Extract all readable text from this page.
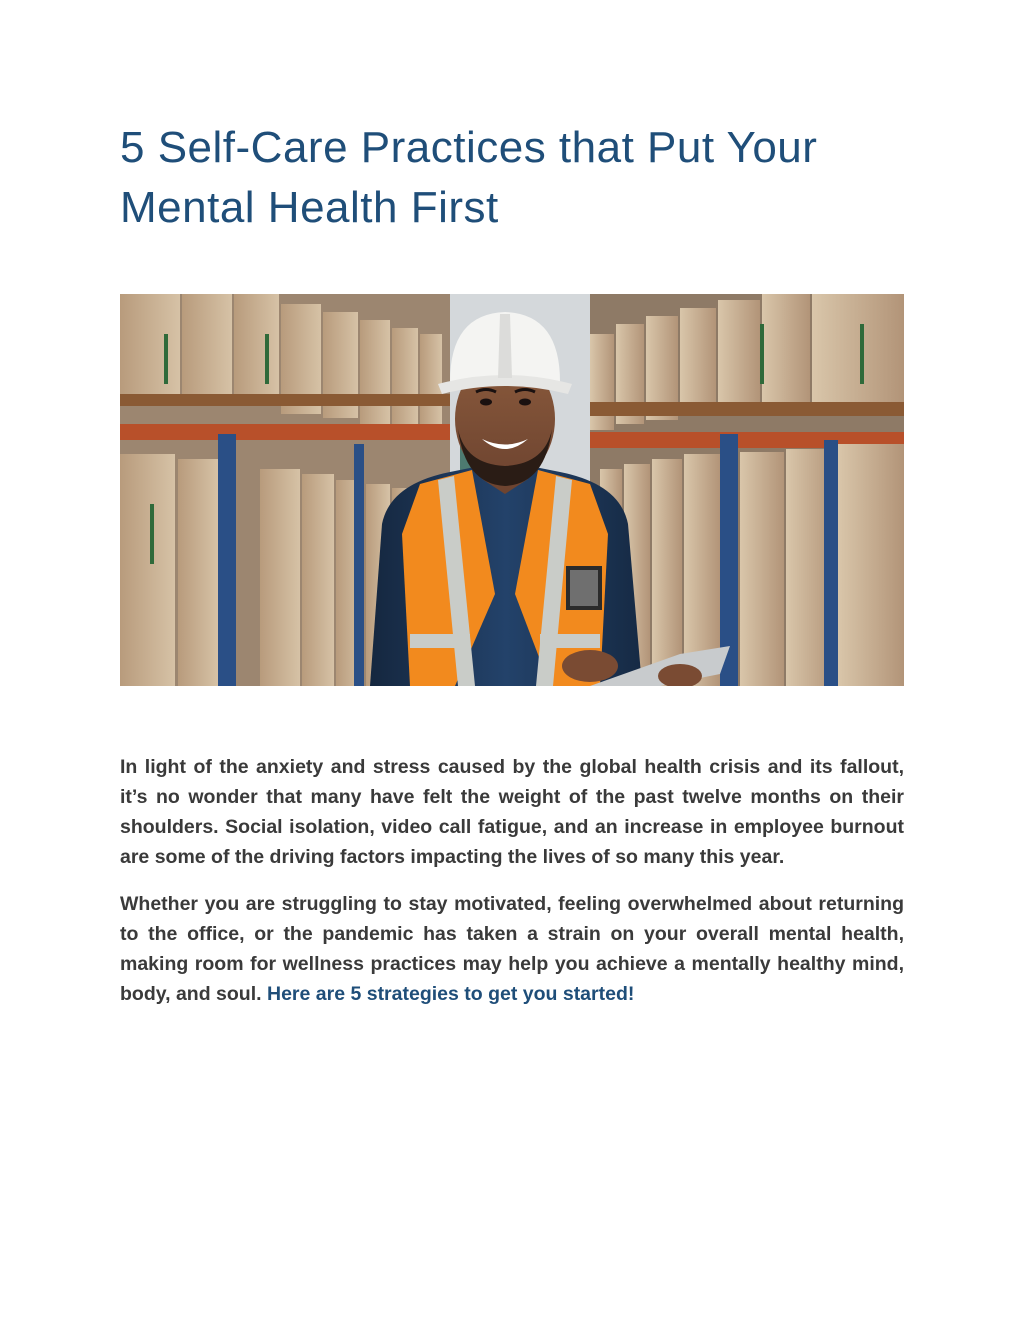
5 Self-Care Practices that Put Your
Mental Health First

In light of the anxiety and stress caused by the global health crisis and its fallout, it’s no wonder that many have felt the weight of the past twelve months on their shoulders. Social isolation, video call fatigue, and an increase in employee burnout are some of the driving factors impacting the lives of so many this year.

Whether you are struggling to stay motivated, feeling overwhelmed about returning to the office, or the pandemic has taken a strain on your overall mental health, making room for wellness practices may help you achieve a mentally healthy mind, body, and soul. Here are 5 strategies to get you started!
